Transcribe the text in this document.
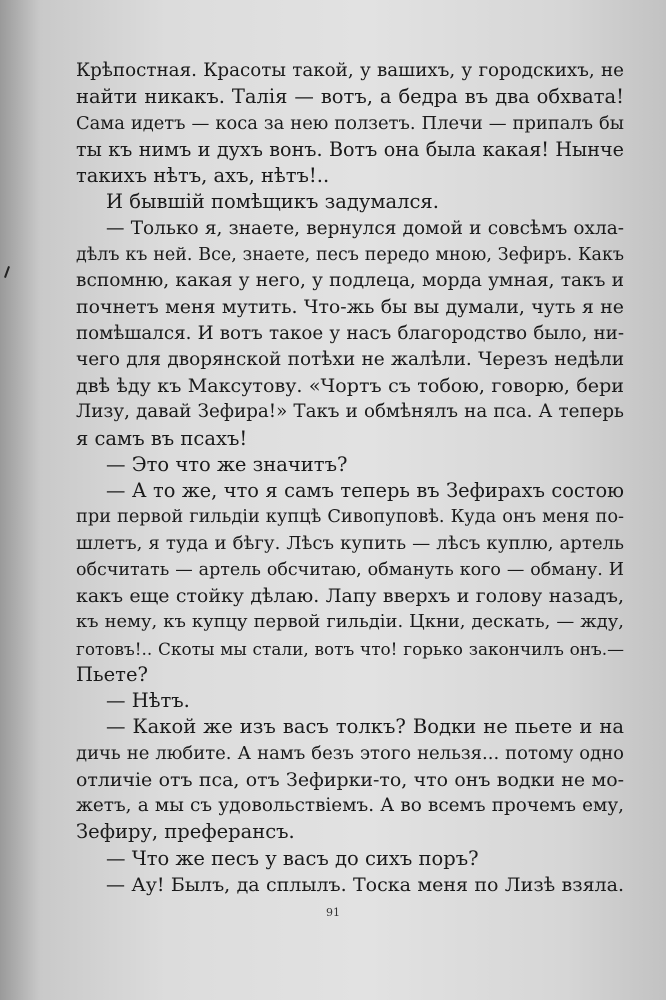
Крѣпостная. Красоты такой, у вашихъ, у городскихъ, не
найти никакъ. Талія — вотъ, а бедра въ два обхвата!
Сама идетъ — коса за нею ползетъ. Плечи — припалъ бы
ты къ нимъ и духъ вонъ. Вотъ она была какая! Нынче
такихъ нѣтъ, ахъ, нѣтъ!..
И бывшій помѣщикъ задумался.
— Только я, знаете, вернулся домой и совсѣмъ охла-
дѣлъ къ ней. Все, знаете, песъ передо мною, Зефиръ. Какъ
вспомню, какая у него, у подлеца, морда умная, такъ и
почнетъ меня мутить. Что-жь бы вы думали, чуть я не
помѣшался. И вотъ такое у насъ благородство было, ни-
чего для дворянской потѣхи не жалѣли. Черезъ недѣли
двѣ ѣду къ Максутову. «Чортъ съ тобою, говорю, бери
Лизу, давай Зефира!» Такъ и обмѣнялъ на пса. А теперь
я самъ въ псахъ!
— Это что же значитъ?
— А то же, что я самъ теперь въ Зефирахъ состою
при первой гильдіи купцѣ Сивопуповѣ. Куда онъ меня по-
шлетъ, я туда и бѣгу. Лѣсъ купить — лѣсъ куплю, артель
обсчитать — артель обсчитаю, обмануть кого — обману. И
какъ еще стойку дѣлаю. Лапу вверхъ и голову назадъ,
къ нему, къ купцу первой гильдіи. Цкни, дескать, — жду,
готовъ!.. Скоты мы стали, вотъ что! горько закончилъ онъ.—
Пьете?
— Нѣтъ.
— Какой же изъ васъ толкъ? Водки не пьете и на
дичь не любите. А намъ безъ этого нельзя... потому одно
отличіе отъ пса, отъ Зефирки-то, что онъ водки не мо-
жетъ, а мы съ удовольствіемъ. А во всемъ прочемъ ему,
Зефиру, преферансъ.
— Что же песъ у васъ до сихъ поръ?
— Ау! Былъ, да сплылъ. Тоска меня по Лизѣ взяла.
91
